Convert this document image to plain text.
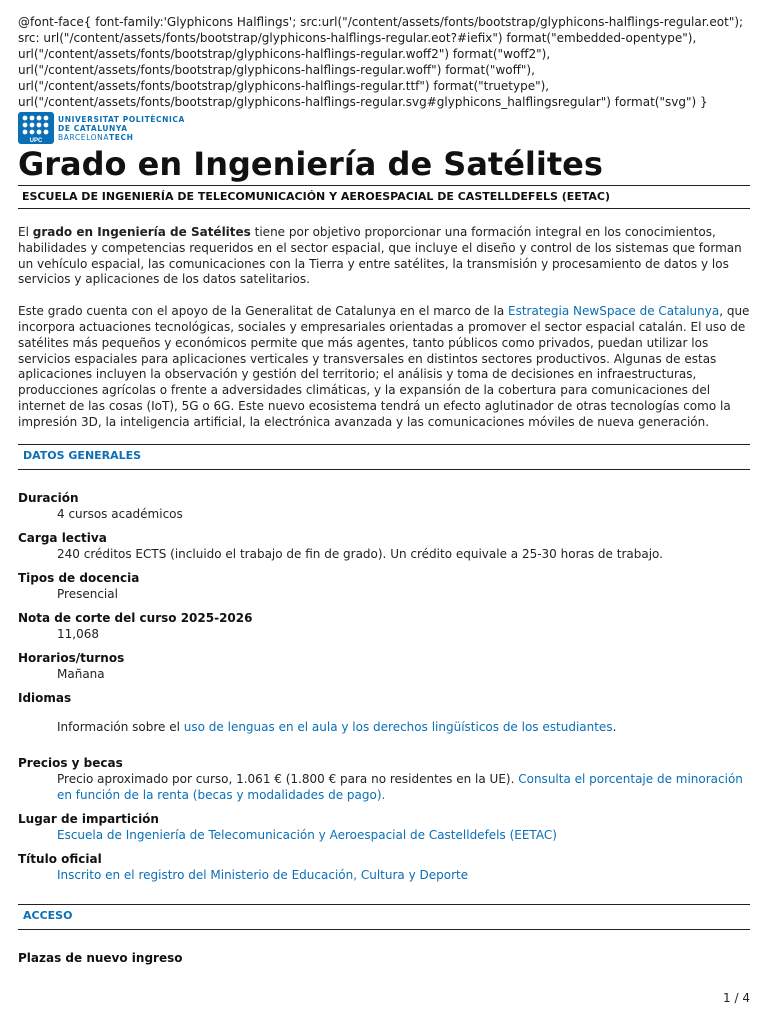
@font-face{ font-family:'Glyphicons Halflings'; src:url("/content/assets/fonts/bootstrap/glyphicons-halflings-regular.eot"); src: url("/content/assets/fonts/bootstrap/glyphicons-halflings-regular.eot?#iefix") format("embedded-opentype"), url("/content/assets/fonts/bootstrap/glyphicons-halflings-regular.woff2") format("woff2"), url("/content/assets/fonts/bootstrap/glyphicons-halflings-regular.woff") format("woff"), url("/content/assets/fonts/bootstrap/glyphicons-halflings-regular.ttf") format("truetype"), url("/content/assets/fonts/bootstrap/glyphicons-halflings-regular.svg#glyphicons_halflingsregular") format("svg") }

UPC
UNIVERSITAT POLITÈCNICA
DE CATALUNYA
BARCELONATECH
Grado en Ingeniería de Satélites
ESCUELA DE INGENIERÍA DE TELECOMUNICACIÓN Y AEROESPACIAL DE CASTELLDEFELS (EETAC)

El grado en Ingeniería de Satélites tiene por objetivo proporcionar una formación integral en los conocimientos, habilidades y competencias requeridos en el sector espacial, que incluye el diseño y control de los sistemas que forman un vehículo espacial, las comunicaciones con la Tierra y entre satélites, la transmisión y procesamiento de datos y los servicios y aplicaciones de los datos satelitarios.

Este grado cuenta con el apoyo de la Generalitat de Catalunya en el marco de la Estrategia NewSpace de Catalunya, que incorpora actuaciones tecnológicas, sociales y empresariales orientadas a promover el sector espacial catalán. El uso de satélites más pequeños y económicos permite que más agentes, tanto públicos como privados, puedan utilizar los servicios espaciales para aplicaciones verticales y transversales en distintos sectores productivos. Algunas de estas aplicaciones incluyen la observación y gestión del territorio; el análisis y toma de decisiones en infraestructuras, producciones agrícolas o frente a adversidades climáticas, y la expansión de la cobertura para comunicaciones del internet de las cosas (IoT), 5G o 6G. Este nuevo ecosistema tendrá un efecto aglutinador de otras tecnologías como la impresión 3D, la inteligencia artificial, la electrónica avanzada y las comunicaciones móviles de nueva generación.

DATOS GENERALES
Duración
4 cursos académicos
Carga lectiva
240 créditos ECTS (incluido el trabajo de fin de grado). Un crédito equivale a 25-30 horas de trabajo.
Tipos de docencia
Presencial
Nota de corte del curso 2025-2026
11,068
Horarios/turnos
Mañana
Idiomas
Información sobre el uso de lenguas en el aula y los derechos lingüísticos de los estudiantes.
Precios y becas
Precio aproximado por curso, 1.061 € (1.800 € para no residentes en la UE). Consulta el porcentaje de minoración en función de la renta (becas y modalidades de pago).
Lugar de impartición
Escuela de Ingeniería de Telecomunicación y Aeroespacial de Castelldefels (EETAC)
Título oficial
Inscrito en el registro del Ministerio de Educación, Cultura y Deporte
ACCESO
Plazas de nuevo ingreso
1 / 4
